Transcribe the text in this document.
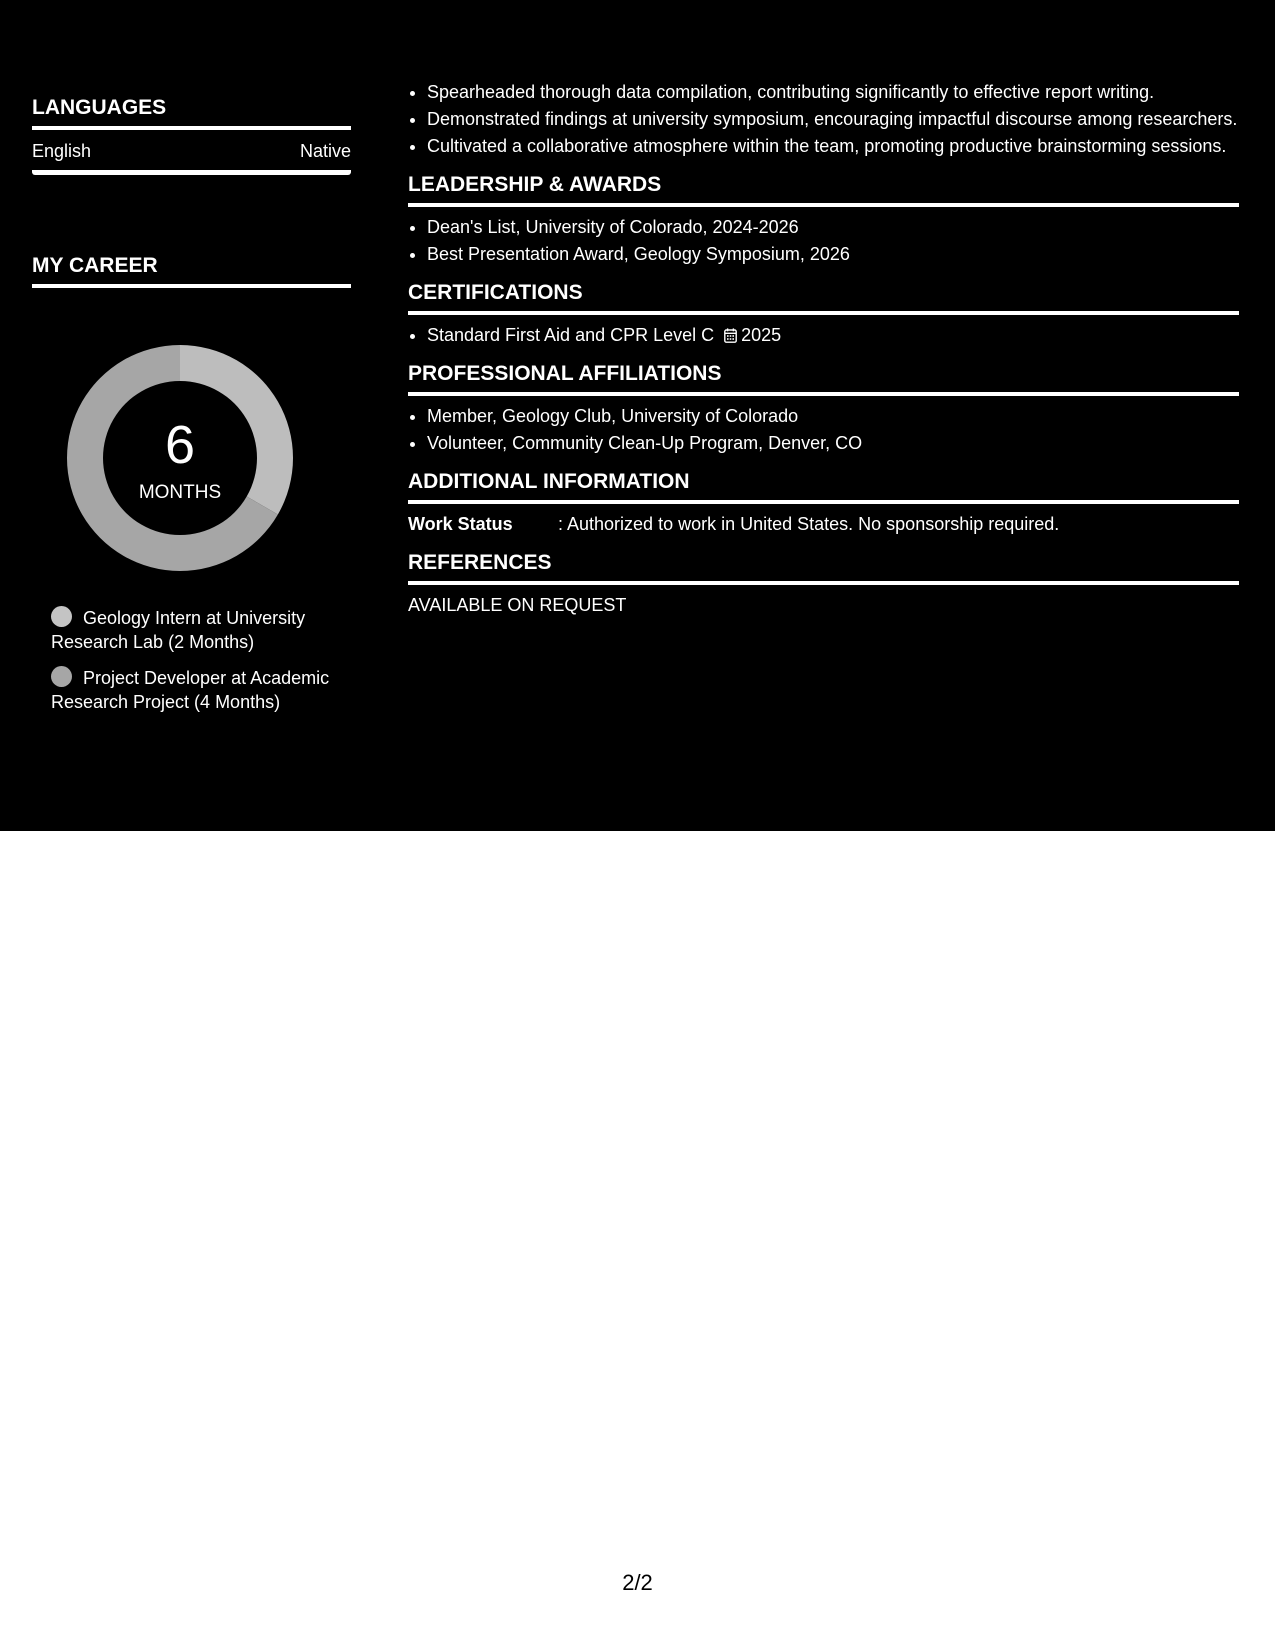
LANGUAGES
English	Native
MY CAREER
6
MONTHS
Geology Intern at University Research Lab (2 Months)
Project Developer at Academic Research Project (4 Months)
• Spearheaded thorough data compilation, contributing significantly to effective report writing.
• Demonstrated findings at university symposium, encouraging impactful discourse among researchers.
• Cultivated a collaborative atmosphere within the team, promoting productive brainstorming sessions.
LEADERSHIP & AWARDS
• Dean's List, University of Colorado, 2024-2026
• Best Presentation Award, Geology Symposium, 2026
CERTIFICATIONS
• Standard First Aid and CPR Level C 2025
PROFESSIONAL AFFILIATIONS
• Member, Geology Club, University of Colorado
• Volunteer, Community Clean-Up Program, Denver, CO
ADDITIONAL INFORMATION
Work Status	: Authorized to work in United States. No sponsorship required.
REFERENCES
AVAILABLE ON REQUEST
2/2
